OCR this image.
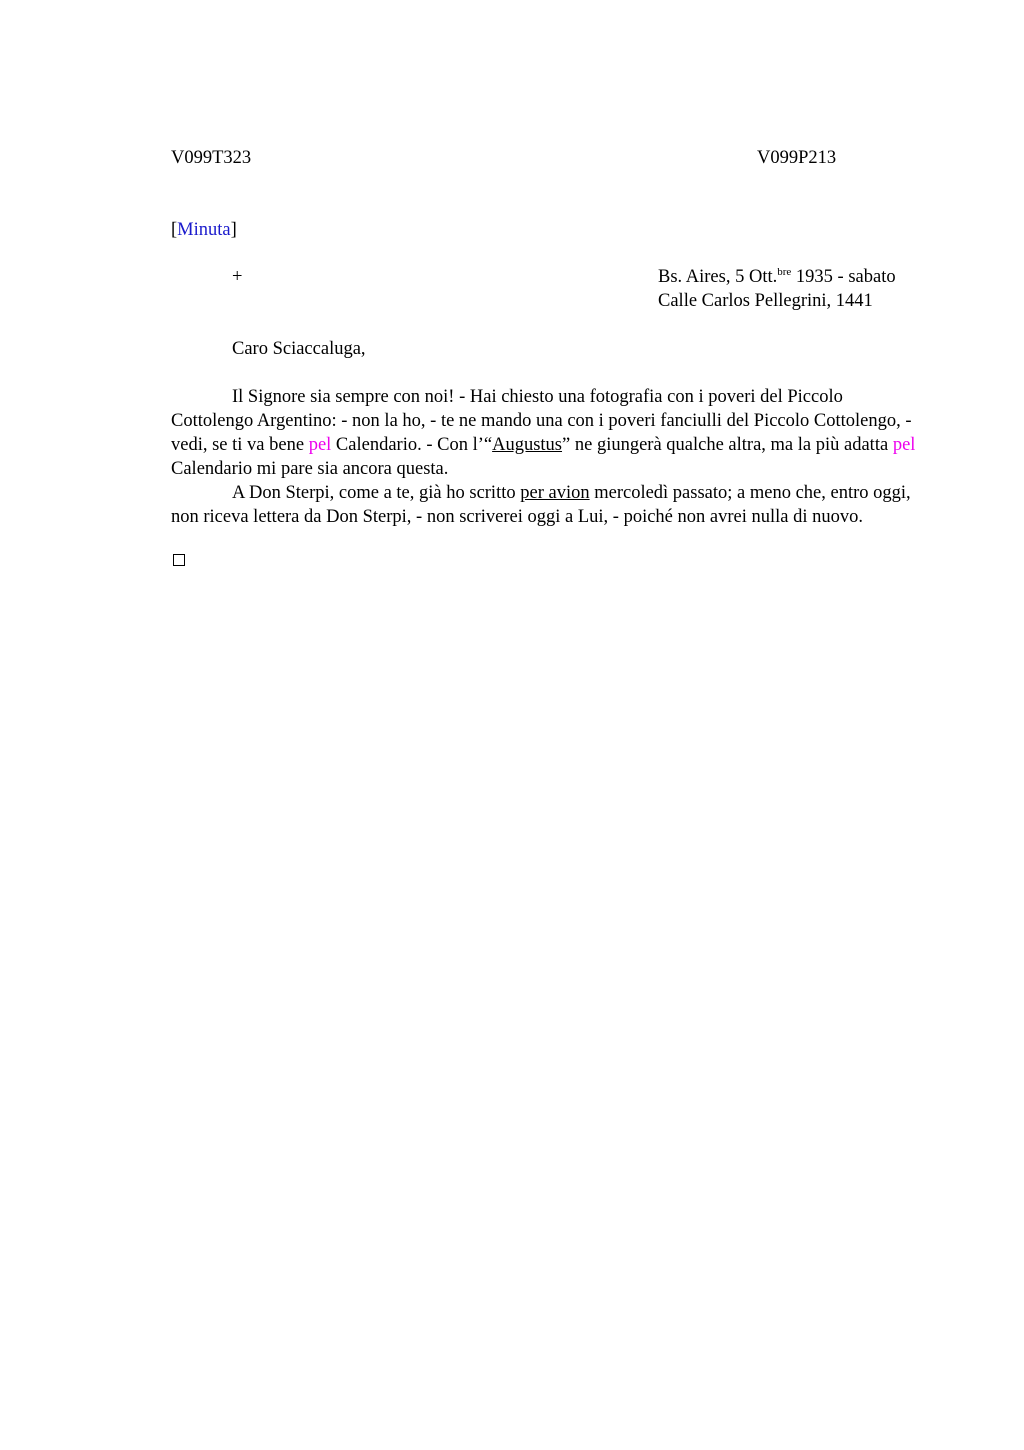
V099T323	V099P213
[Minuta]
+	Bs. Aires, 5 Ott.$^{bre}$ 1935 - sabato
Calle Carlos Pellegrini, 1441
Caro Sciaccaluga,

Il Signore sia sempre con noi! - Hai chiesto una fotografia con i poveri del Piccolo Cottolengo Argentino: - non la ho, - te ne mando una con i poveri fanciulli del Piccolo Cottolengo, - vedi, se ti va bene pel Calendario. - Con l’“Augustus” ne giungerà qualche altra, ma la più adatta pel Calendario mi pare sia ancora questa.

A Don Sterpi, come a te, già ho scritto per avion mercoledì passato; a meno che, entro oggi, non riceva lettera da Don Sterpi, - non scriverei oggi a Lui, - poiché non avrei nulla di nuovo.
